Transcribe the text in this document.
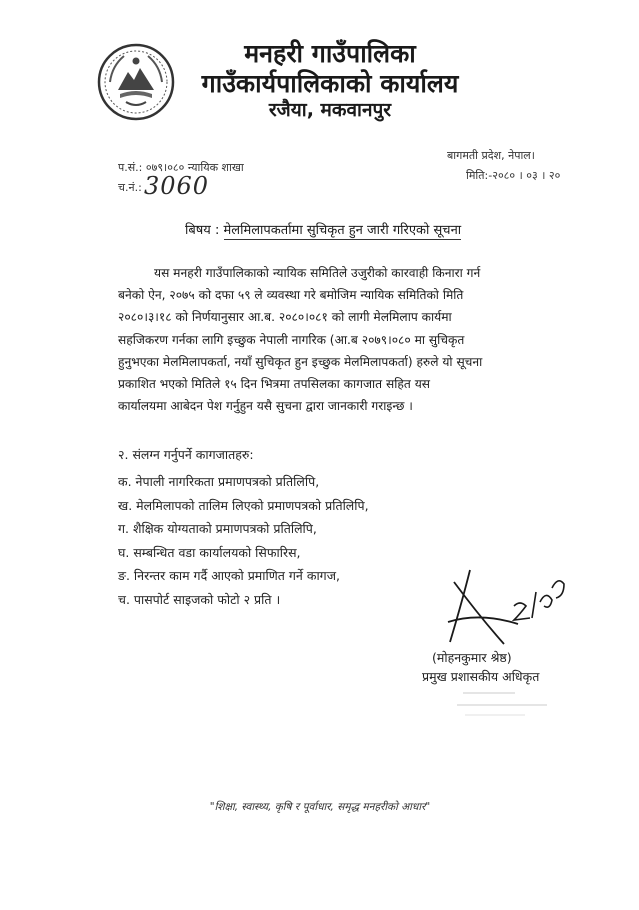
मनहरी गाउँपालिका
गाउँकार्यपालिकाको कार्यालय
रजैया, मकवानपुर
बागमती प्रदेश, नेपाल।
प.सं.: ०७९।०८० न्यायिक शाखा
मिति:-२०८० । ०३ । २०
च.नं.: 3060
बिषय : मेलमिलापकर्तामा सुचिकृत हुन जारी गरिएको सूचना
यस मनहरी गाउँपालिकाको न्यायिक समितिले उजुरीको कारवाही किनारा गर्न
बनेको ऐन, २०७५ को दफा ५९ ले व्यवस्था गरे बमोजिम न्यायिक समितिको मिति
२०८०।३।१८ को निर्णयानुसार आ.ब. २०८०।०८१ को लागी मेलमिलाप कार्यमा
सहजिकरण गर्नका लागि इच्छुक नेपाली नागरिक (आ.ब २०७९।०८० मा सुचिकृत
हुनुभएका मेलमिलापकर्ता, नयाँ सुचिकृत हुन इच्छुक मेलमिलापकर्ता) हरुले यो सूचना
प्रकाशित भएको मितिले १५ दिन भित्रमा तपसिलका कागजात सहित यस
कार्यालयमा आबेदन पेश गर्नुहुन यसै सुचना द्वारा जानकारी गराइन्छ ।
२. संलग्न गर्नुपर्ने कागजातहरु:
क. नेपाली नागरिकता प्रमाणपत्रको प्रतिलिपि,
ख. मेलमिलापको तालिम लिएको प्रमाणपत्रको प्रतिलिपि,
ग. शैक्षिक योग्यताको प्रमाणपत्रको प्रतिलिपि,
घ. सम्बन्धित वडा कार्यालयको सिफारिस,
ङ. निरन्तर काम गर्दै आएको प्रमाणित गर्ने कागज,
च. पासपोर्ट साइजको फोटो २ प्रति ।
(मोहनकुमार श्रेष्ठ)
प्रमुख प्रशासकीय अधिकृत
"शिक्षा, स्वास्थ्य, कृषि र पूर्वाधार, समृद्ध मनहरीको आधार"
